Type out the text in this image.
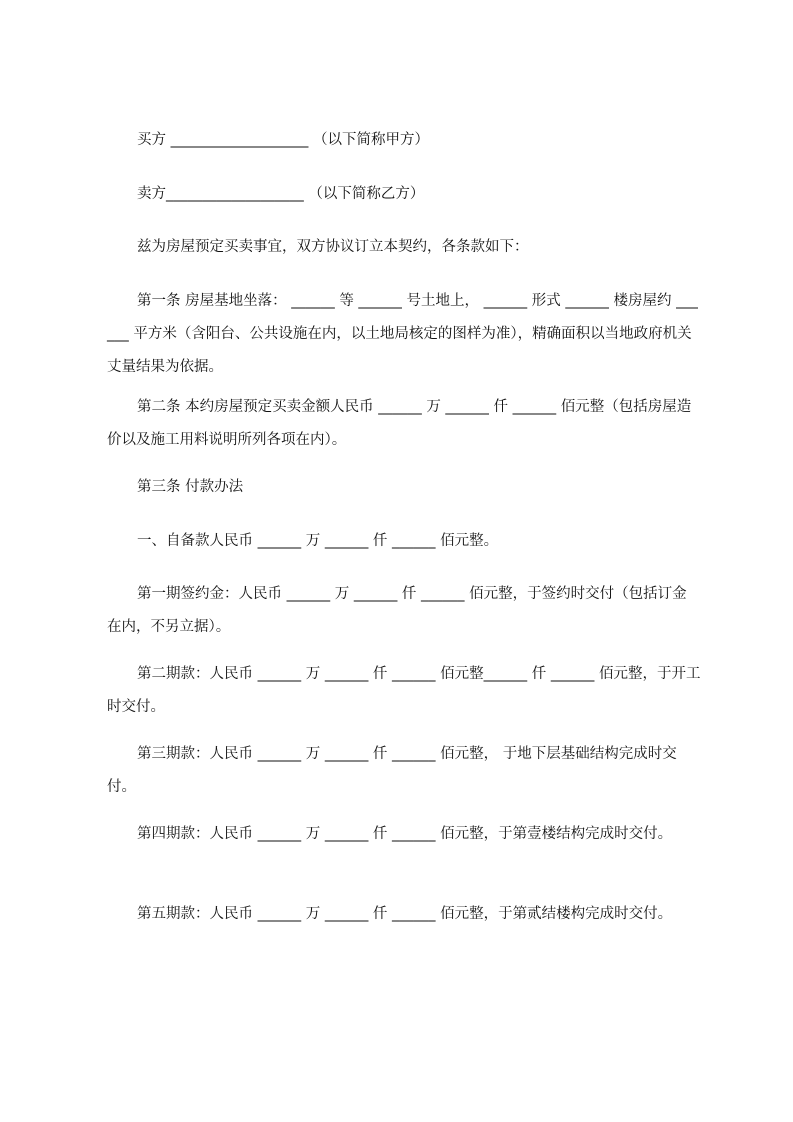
买方 ___________________ （以下简称甲方）

卖方___________________ （以下简称乙方）

兹为房屋预定买卖事宜，双方协议订立本契约，各条款如下：

第一条 房屋基地坐落： ______ 等 ______ 号土地上， ______ 形式 ______ 楼房屋约 ______ 平方米（含阳台、公共设施在内，以土地局核定的图样为准），精确面积以当地政府机关丈量结果为依据。

第二条 本约房屋预定买卖金额人民币 ______ 万 ______ 仟 ______ 佰元整（包括房屋造价以及施工用料说明所列各项在内）。

第三条 付款办法

一、自备款人民币 ______ 万 ______ 仟 ______ 佰元整。

第一期签约金：人民币 ______ 万 ______ 仟 ______ 佰元整，于签约时交付（包括订金在内，不另立据）。

第二期款：人民币 ______ 万 ______ 仟 ______ 佰元整______ 仟 ______ 佰元整，于开工时交付。

第三期款：人民币 ______ 万 ______ 仟 ______ 佰元整， 于地下层基础结构完成时交付。

第四期款：人民币 ______ 万 ______ 仟 ______ 佰元整，于第壹楼结构完成时交付。

第五期款：人民币 ______ 万 ______ 仟 ______ 佰元整，于第贰结楼构完成时交付。
